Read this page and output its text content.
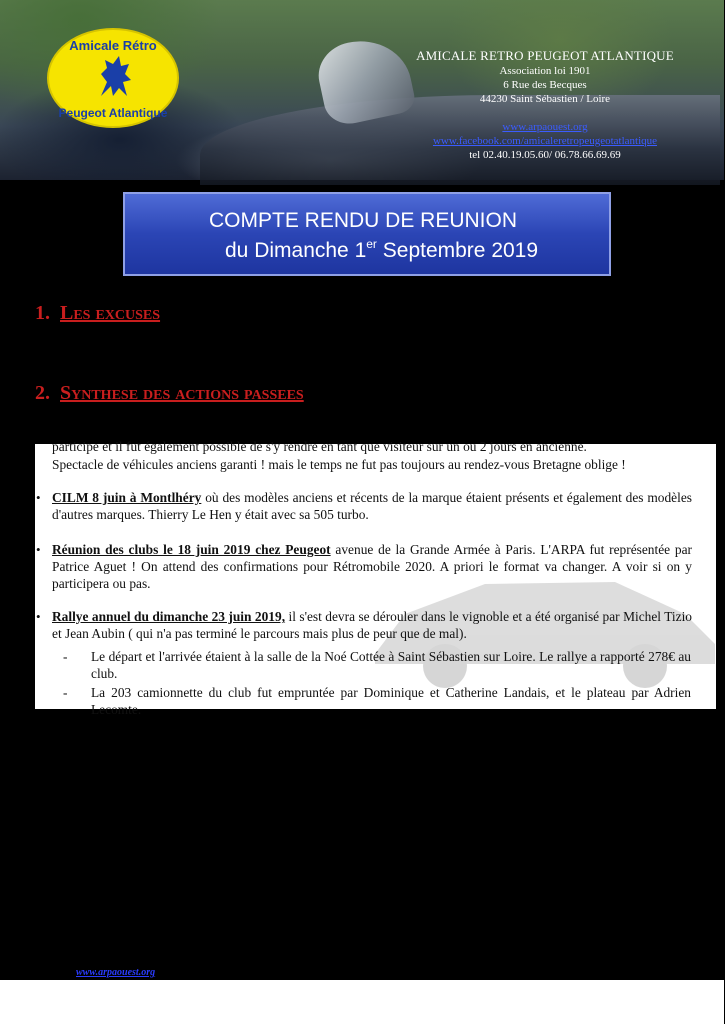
Amicale Rétro
Peugeot Atlantique
AMICALE RETRO PEUGEOT ATLANTIQUE
Association loi 1901
6 Rue des Becques
44230 Saint Sébastien / Loire
www.arpaouest.org
www.facebook.com/amicaleretropeugeotatlantique
tel 02.40.19.05.60/ 06.78.66.69.69
COMPTE RENDU DE REUNION
du Dimanche 1er Septembre 2019
1. Les excuses
2. Synthese des actions passees
participe et il fut également possible de s'y rendre en tant que visiteur sur un ou 2 jours en ancienne.
Spectacle de véhicules anciens garanti ! mais le temps ne fut pas toujours au rendez-vous Bretagne oblige !
• CILM 8 juin à Montlhéry où des modèles anciens et récents de la marque étaient présents et également des modèles d'autres marques. Thierry Le Hen y était avec sa 505 turbo.
• Réunion des clubs le 18 juin 2019 chez Peugeot avenue de la Grande Armée à Paris. L'ARPA fut représentée par Patrice Aguet ! On attend des confirmations pour Rétromobile 2020. A priori le format va changer. A voir si on y participera ou pas.
• Rallye annuel du dimanche 23 juin 2019, il s'est devra se dérouler dans le vignoble et a été organisé par Michel Tizio et Jean Aubin ( qui n'a pas terminé le parcours mais plus de peur que de mal).
- Le départ et l'arrivée étaient à la salle de la Noé Cottée à Saint Sébastien sur Loire. Le rallye a rapporté 278€ au club.
- La 203 camionnette du club fut empruntée par Dominique et Catherine Landais, et le plateau par Adrien Lecomte.
www.arpaouest.org
